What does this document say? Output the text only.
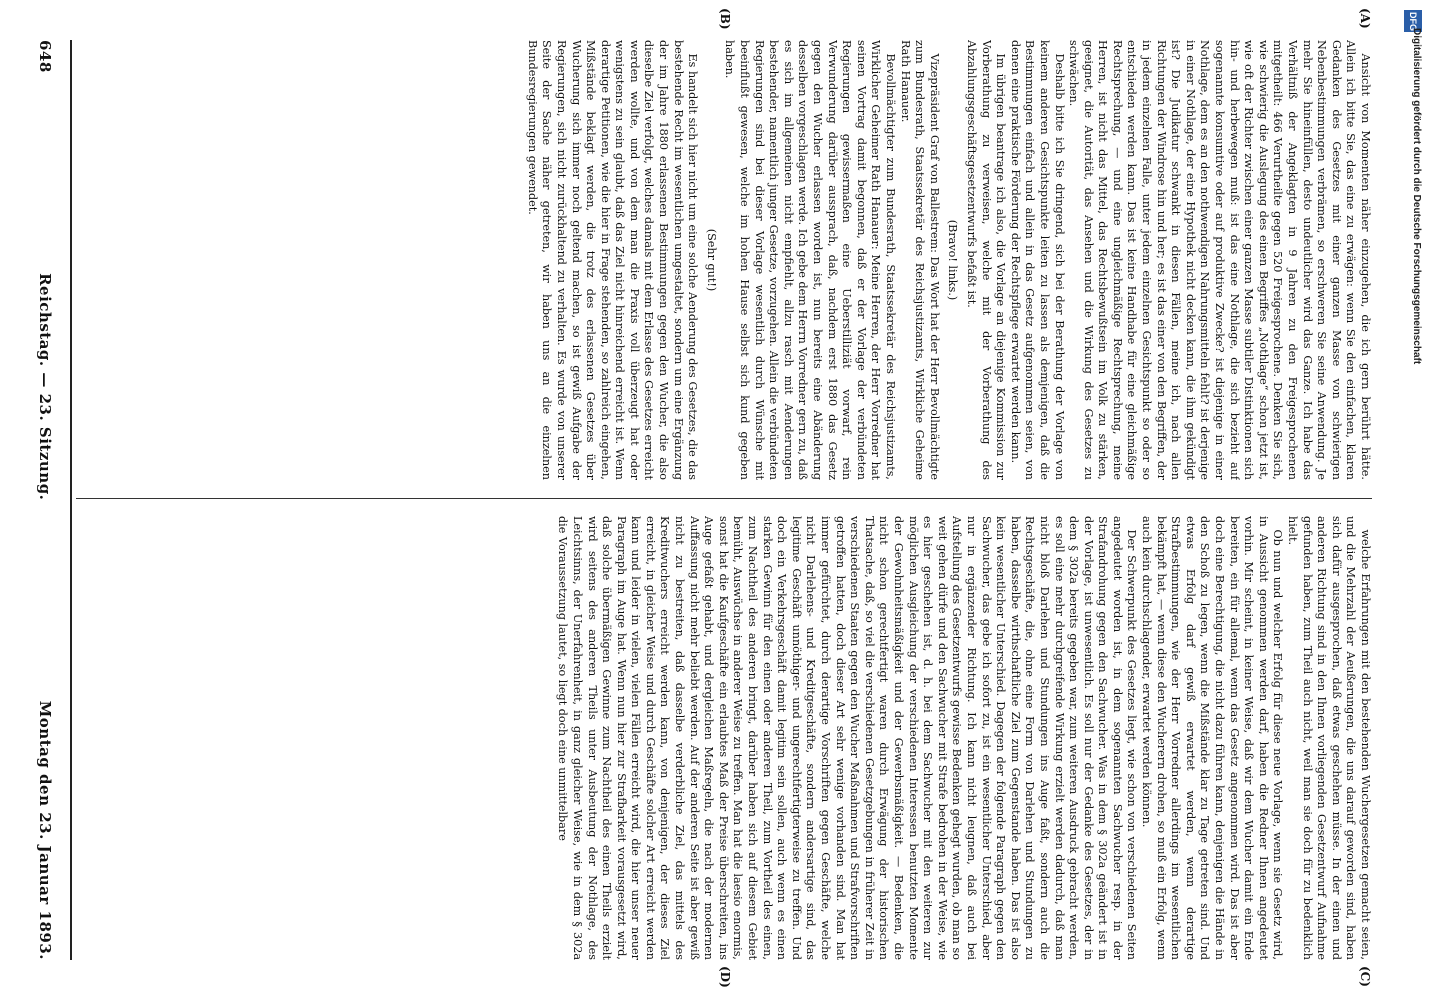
648
Reichstag. — 23. Sitzung.
Montag den 23. Januar 1893.
(A)
(B)
(C)
(D)

Ansicht von Momenten näher einzugehen, die ich gern berührt hätte. Allein ich bitte Sie, das eine zu erwägen: wenn Sie den einfachen, klaren Gedanken des Gesetzes mit einer ganzen Masse von schwierigen Nebenbestimmungen verbrämen, so erschweren Sie seine Anwendung. Je mehr Sie hineinfüllen, desto undeutlicher wird das Ganze. Ich habe das Verhältniß der Angeklagten in 9 Jahren zu den Freigesprochenen mitgetheilt: 466 Verurtheilte gegen 520 Freigesprochene. Denken Sie sich, wie schwierig die Auslegung des einen Begriffes „Nothlage“ schon jetzt ist, wie oft der Richter zwischen einer ganzen Masse subtiler Distinktionen sich hin- und herbewegen muß: ist das eine Nothlage, die sich bezieht auf sogenannte konsumtive oder auf produktive Zwecke? ist diejenige in einer Nothlage, dem es an den nothwendigen Nahrungsmitteln fehlt? ist derjenige in einer Nothlage, der eine Hypothek nicht decken kann, die ihm gekündigt ist? Die Judikatur schwankt in diesen Fällen, meine ich, nach allen Richtungen der Windrose hin und her; es ist das einer von den Begriffen, der in jedem einzelnen Falle, unter jedem einzelnen Gesichtspunkt so oder so entschieden werden kann. Das ist keine Handhabe für eine gleichmäßige Rechtsprechung, — und eine ungleichmäßige Rechtsprechung, meine Herren, ist nicht das Mittel, das Rechtsbewußtsein im Volk zu stärken, geeignet, die Autorität, das Ansehen und die Wirkung des Gesetzes zu schwächen.

Deshalb bitte ich Sie dringend, sich bei der Berathung der Vorlage von keinem anderen Gesichtspunkte leiten zu lassen als demjenigen, daß die Bestimmungen einfach und allein in das Gesetz aufgenommen seien, von denen eine praktische Förderung der Rechtspflege erwartet werden kann.

Im übrigen beantrage ich also, die Vorlage an diejenige Kommission zur Vorberathung zu verweisen, welche mit der Vorberathung des Abzahlungsgeschäftsgesetzentwurfs befaßt ist.

(Bravo! links.)

Vizepräsident Graf von Ballestrem: Das Wort hat der Herr Bevollmächtigte zum Bundesrath, Staatssekretär des Reichsjustizamts, Wirkliche Geheime Rath Hanauer.

Bevollmächtigter zum Bundesrath, Staatssekretär des Reichsjustizamts, Wirklicher Geheimer Rath Hanauer: Meine Herren, der Herr Vorredner hat seinen Vortrag damit begonnen, daß er der Vorlage der verbündeten Regierungen gewissermaßen eine Ueberstilliziät vorwarf, rein Verwunderung darüber aussprach, daß, nachdem erst 1880 das Gesetz gegen den Wucher erlassen worden ist, nun bereits eine Abänderung desselben vorgeschlagen werde. Ich gebe dem Herrn Vorredner gern zu, daß es sich im allgemeinen nicht empfiehlt, allzu rasch mit Aenderungen bestehender, namentlich junger Gesetze, vorzugehen. Allein die verbündeten Regierungen sind bei dieser Vorlage wesentlich durch Wünsche mit beeinflußt gewesen, welche im hohen Hause selbst sich kund gegeben haben.

(Sehr gut!)

Es handelt sich hier nicht um eine solche Aenderung des Gesetzes, die das bestehende Recht im wesentlichen umgestaltet, sondern um eine Ergänzung der im Jahre 1880 erlassenen Bestimmungen gegen den Wucher, die also dieselbe Ziel verfolgt, welches damals mit dem Erlasse des Gesetzes erreicht werden wollte, und von dem man die Praxis voll überzeugt hat oder wenigstens zu sein glaubt, daß das Ziel nicht hinreichend erreicht ist. Wenn derartige Petitionen, wie die hier in Frage stehenden, so zahlreich eingehen, Mißstände beklagt werden, die trotz des erlassenen Gesetzes über Wucherung sich immer noch geltend machen, so ist gewiß Aufgabe der Regierungen, sich nicht zurückhaltend zu verhalten. Es wurde von unserer Seite der Sache näher getreten, wir haben uns an die einzelnen Bundesregierungen gewendet.

welche Erfahrungen mit den bestehenden Wuchergesetzen gemacht seien, und die Mehrzahl der Aeußerungen, die uns darauf geworden sind, haben sich dafür ausgesprochen, daß etwas geschehen müsse. In der einen und anderen Richtung sind in den Ihnen vorliegenden Gesetzentwurf Aufnahme gefunden haben, zum Theil auch nicht, weil man sie doch für zu bedenklich hielt.

Ob nun und welcher Erfolg für diese neue Vorlage, wenn sie Gesetz wird, in Aussicht genommen werden darf, haben die Redner Ihnen angedeutet vorhin. Mir scheint, in keiner Weise, daß wir dem Wucher damit ein Ende bereiten, ein für allemal, wenn das Gesetz angenommen wird. Das ist aber doch eine Berechtigung, die nicht dazu führen kann, denjenigen die Hände in den Schoß zu legen, wenn die Mißstände klar zu Tage getreten sind. Und etwas Erfolg darf gewiß erwartet werden, wenn derartige Strafbestimmungen, wie der Herr Vorredner allerdings im wesentlichen bekämpft hat, — wenn diese den Wucherern drohen, so muß ein Erfolg, wenn auch kein durchschlagender, erwartet werden können.

Der Schwerpunkt des Gesetzes liegt, wie schon von verschiedenen Seiten angedeutet worden ist, in dem sogenannten Sachwucher resp. in der Strafandrohung gegen den Sachwucher. Was in dem § 302a geändert ist in der Vorlage, ist unwesentlich. Es soll nur der Gedanke des Gesetzes, der in dem § 302a bereits gegeben war, zum weiteren Ausdruck gebracht werden, es soll eine mehr durchgreifende Wirkung erzielt werden dadurch, daß man nicht bloß Darlehen und Stundungen ins Auge faßt, sondern auch die Rechtsgeschäfte, die, ohne eine Form von Darlehen und Stundungen zu haben, dasselbe wirthschaftliche Ziel zum Gegenstande haben. Das ist also kein wesentlicher Unterschied. Dagegen der folgende Paragraph gegen den Sachwucher, das gebe ich sofort zu, ist ein wesentlicher Unterschied, aber nur in ergänzender Richtung. Ich kann nicht leugnen, daß auch bei Aufstellung des Gesetzentwurfs gewisse Bedenken gehegt wurden, ob man so weit gehen dürfe und den Sachwucher mit Strafe bedrohen in der Weise, wie es hier geschehen ist, d. h. bei dem Sachwucher mit den weiteren zur möglichen Ausgleichung der verschiedenen Interessen benutzten Momente der Gewohnheitsmäßigkeit und der Gewerbsmäßigkeit. — Bedenken, die nicht schon gerechtfertigt waren durch Erwägung der historischen Thatsache, daß, so viel die verschiedenen Gesetzgebungen in früherer Zeit in verschiedenen Staaten gegen den Wucher Maßnahmen und Strafvorschriften getroffen hatten, doch dieser Art sehr wenige vorhanden sind. Man hat immer gefürchtet, durch derartige Vorschriften gegen Geschäfte, welche nicht Darlehens- und Kreditgeschäfte, sondern andersartige sind, das legitime Geschäft unnöthiger- und ungerechtfertigterweise zu treffen. Und doch ein Verkehrsgeschäft damit legitim sein sollen, auch wenn es einen starken Gewinn für den einen oder anderen Theil, zum Vortheil des einen, zum Nachtheil des anderen bringt, darüber haben sich auf diesem Gebiet bemüht, Auswüchse in anderer Weise zu treffen. Man hat die laesio enormis, sonst hat die Kaufgeschäfte ein erlaubtes Maß der Preise überschreiten, ins Auge gefaßt gehabt, und dergleichen Maßregeln, die nach der modernen Auffassung nicht mehr beliebt werden. Auf der anderen Seite ist aber gewiß nicht zu bestreiten, daß dasselbe verderbliche Ziel, das mittels des Kreditwuchers erreicht werden kann, von denjenigen, der dieses Ziel erreicht, in gleicher Weise und durch Geschäfte solcher Art erreicht werden kann und leider in vielen, vielen Fällen erreicht wird, die hier unser neuer Paragraph im Auge hat. Wenn nun hier zur Strafbarkeit vorausgesetzt wird, daß solche übermäßigen Gewinne zum Nachtheil des einen Theils erzielt wird seitens des anderen Theils unter Ausbeutung der Nothlage, des Leichtsinns, der Unerfahrenheit, in ganz gleicher Weise, wie in dem § 302a die Voraussetzung lautet, so liegt doch eine unmittelbare

DFG
Digitalisierung gefördert durch die Deutsche Forschungsgemeinschaft
